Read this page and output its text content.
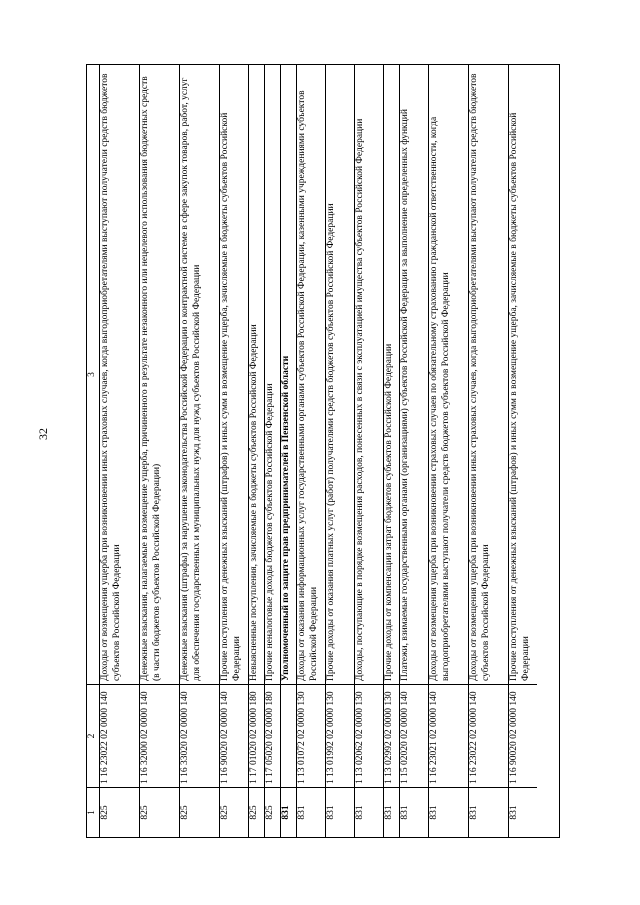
32
1
2
3
825
1 16 23022 02 0000 140
Доходы от возмещения ущерба при возникновении иных страховых случаев, когда выгодоприобретателями выступают получатели средств бюджетов субъектов Российской Федерации
825
1 16 32000 02 0000 140
Денежные взыскания, налагаемые в возмещение ущерба, причиненного в результате незаконного или нецелевого использования бюджетных средств (в части бюджетов субъектов Российской Федерации)
825
1 16 33020 02 0000 140
Денежные взыскания (штрафы) за нарушение законодательства Российской Федерации о контрактной системе в сфере закупок товаров, работ, услуг для обеспечения государственных и муниципальных нужд для нужд субъектов Российской Федерации
825
1 16 90020 02 0000 140
Прочие поступления от денежных взысканий (штрафов) и иных сумм в возмещение ущерба, зачисляемые в бюджеты субъектов Российской Федерации
825
1 17 01020 02 0000 180
Невыясненные поступления, зачисляемые в бюджеты субъектов Российской Федерации
825
1 17 05020 02 0000 180
Прочие неналоговые доходы бюджетов субъектов Российской Федерации
831
Уполномоченный по защите прав предпринимателей в Пензенской области
831
1 13 01072 02 0000 130
Доходы от оказания информационных услуг государственными органами субъектов Российской Федерации, казенными учреждениями субъектов Российской Федерации
831
1 13 01992 02 0000 130
Прочие доходы от оказания платных услуг (работ) получателями средств бюджетов субъектов Российской Федерации
831
1 13 02062 02 0000 130
Доходы, поступающие в порядке возмещения расходов, понесенных в связи с эксплуатацией имущества субъектов Российской Федерации
831
1 13 02992 02 0000 130
Прочие доходы от компенсации затрат бюджетов субъектов Российской Федерации
831
1 15 02020 02 0000 140
Платежи, взимаемые государственными органами (организациями) субъектов Российской Федерации за выполнение определенных функций
831
1 16 23021 02 0000 140
Доходы от возмещения ущерба при возникновении страховых случаев по обязательному страхованию гражданской ответственности, когда выгодоприобретателями выступают получатели средств бюджетов субъектов Российской Федерации
831
1 16 23022 02 0000 140
Доходы от возмещения ущерба при возникновении иных страховых случаев, когда выгодоприобретателями выступают получатели средств бюджетов субъектов Российской Федерации
831
1 16 90020 02 0000 140
Прочие поступления от денежных взысканий (штрафов) и иных сумм в возмещение ущерба, зачисляемые в бюджеты субъектов Российской Федерации
